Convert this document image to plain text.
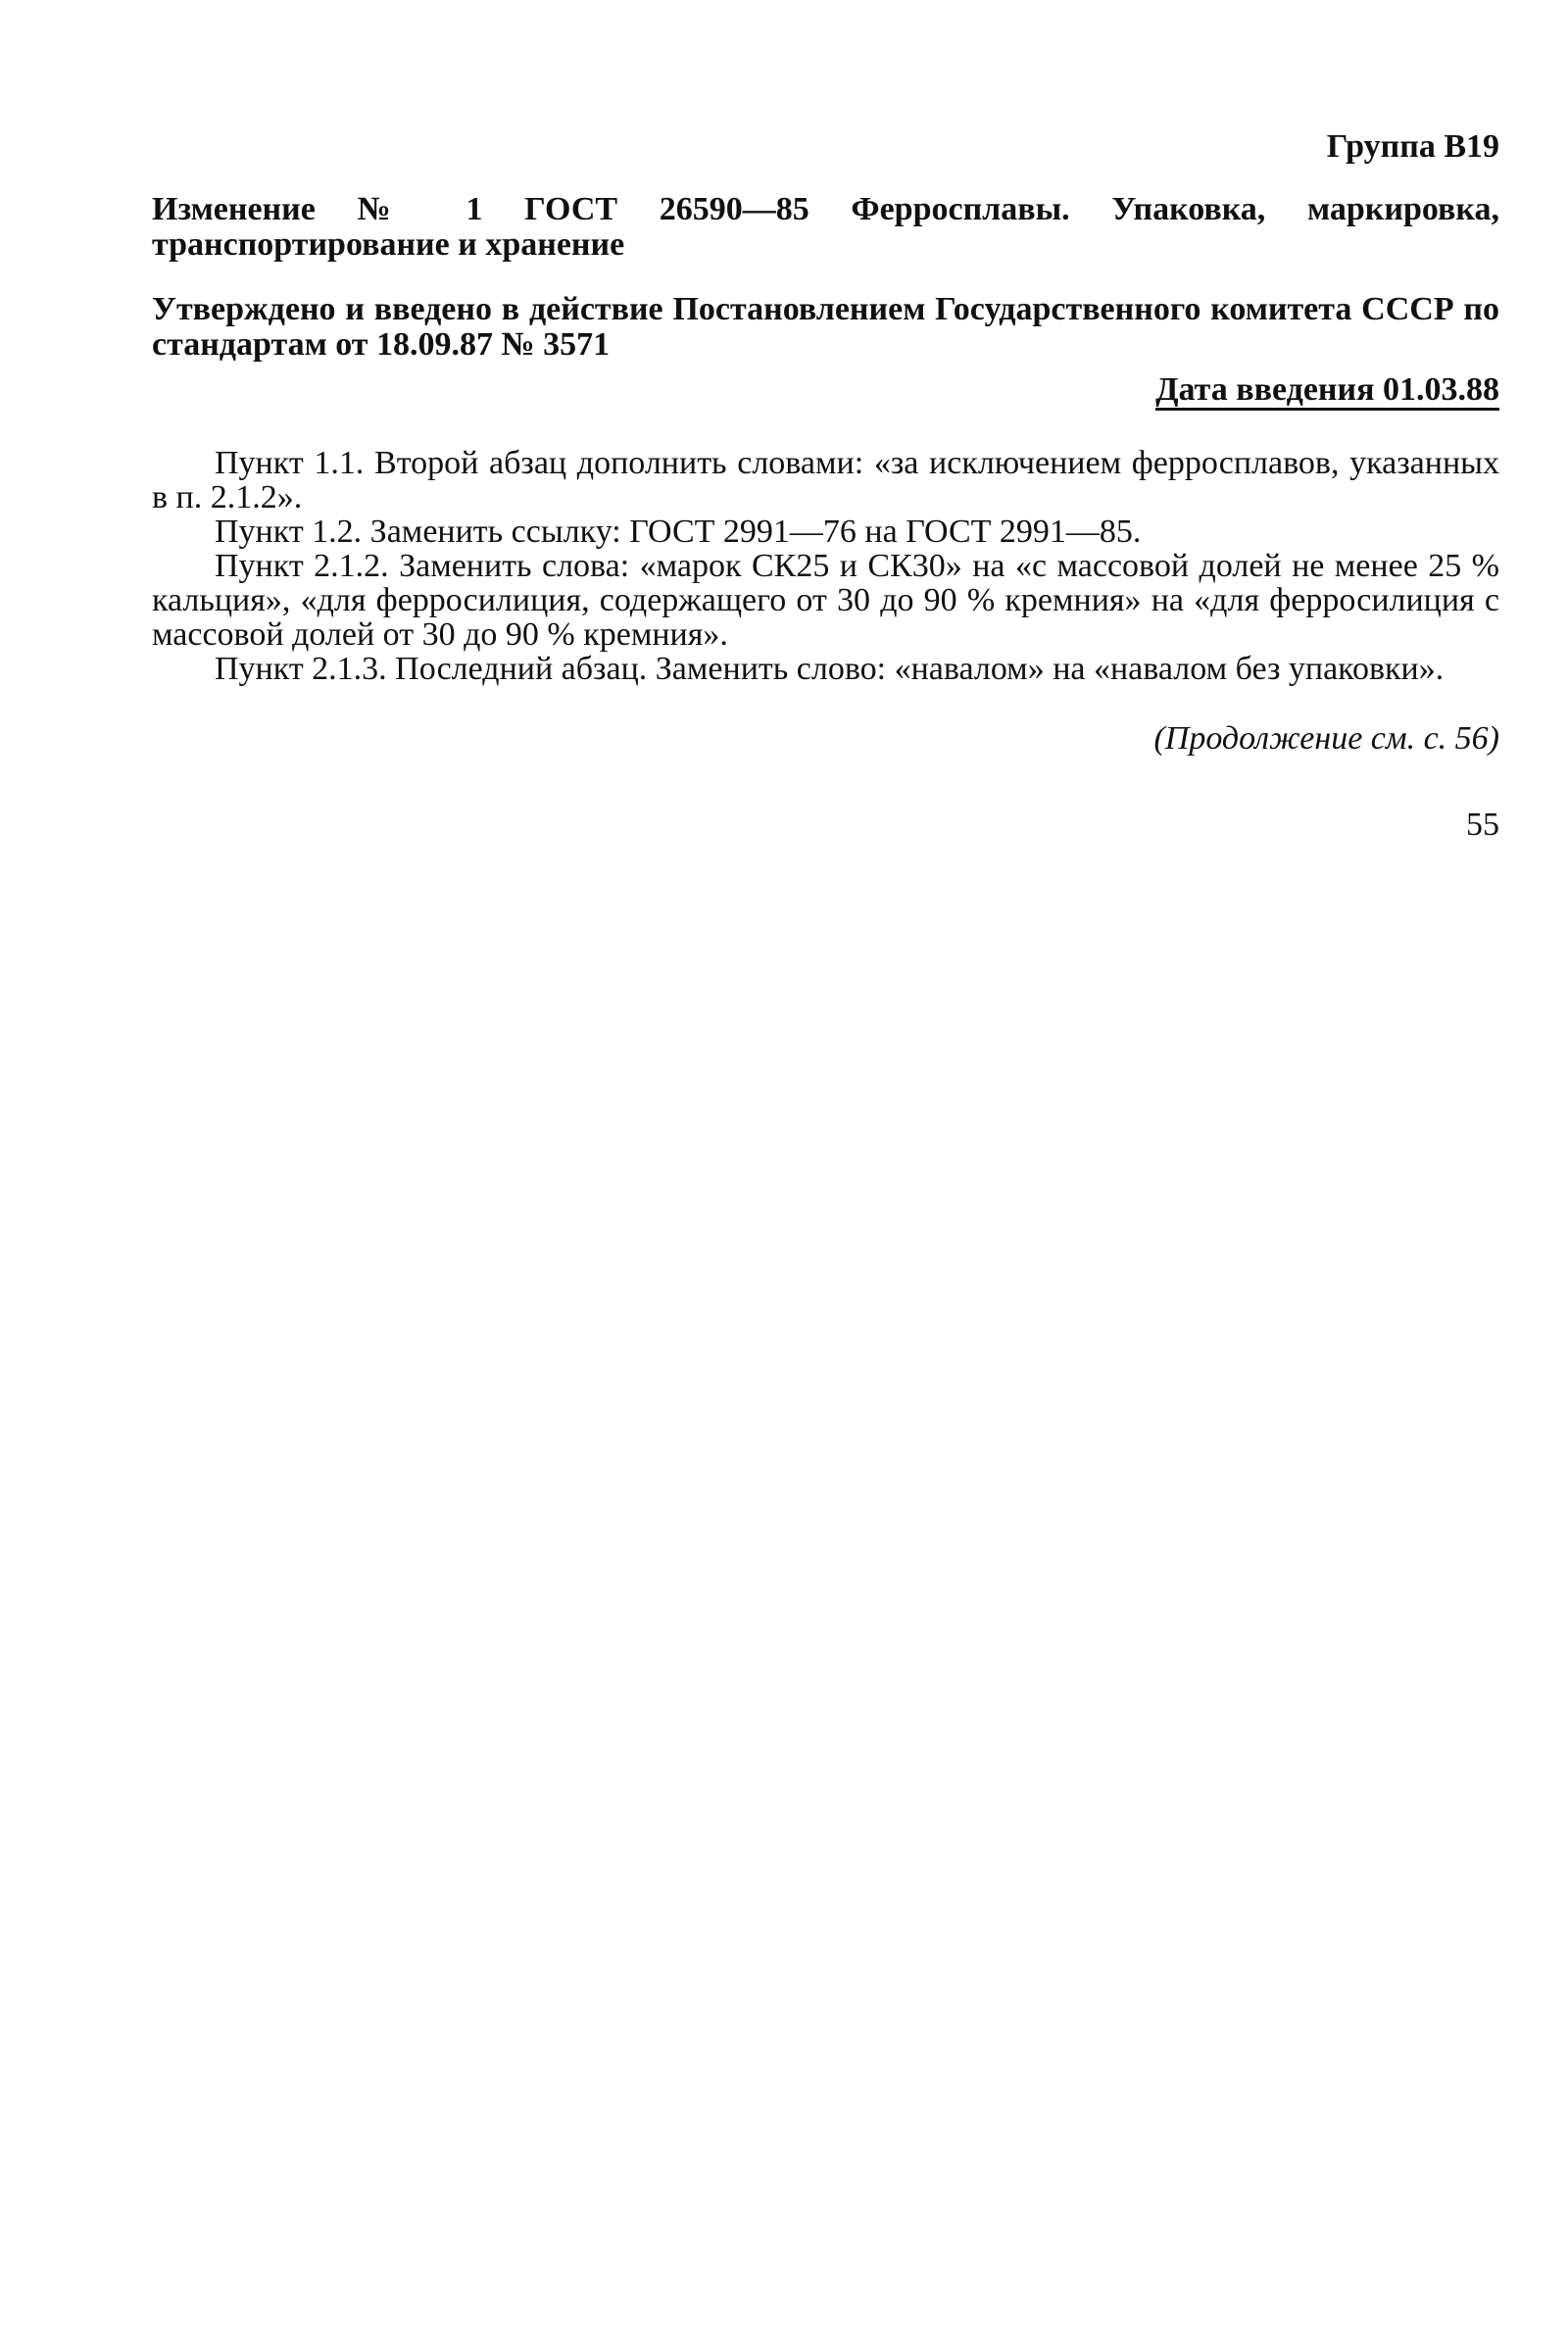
Группа В19

Изменение № 1 ГОСТ 26590—85 Ферросплавы. Упаковка, маркировка, транспортирование и хранение

Утверждено и введено в действие Постановлением Государственного комитета СССР по стандартам от 18.09.87 № 3571

Дата введения 01.03.88

Пункт 1.1. Второй абзац дополнить словами: «за исключением ферросплавов, указанных в п. 2.1.2».

Пункт 1.2. Заменить ссылку: ГОСТ 2991—76 на ГОСТ 2991—85.

Пункт 2.1.2. Заменить слова: «марок СК25 и СК30» на «с массовой долей не менее 25 % кальция», «для ферросилиция, содержащего от 30 до 90 % кремния» на «для ферросилиция с массовой долей от 30 до 90 % кремния».

Пункт 2.1.3. Последний абзац. Заменить слово: «навалом» на «навалом без упаковки».

(Продолжение см. с. 56)
55
